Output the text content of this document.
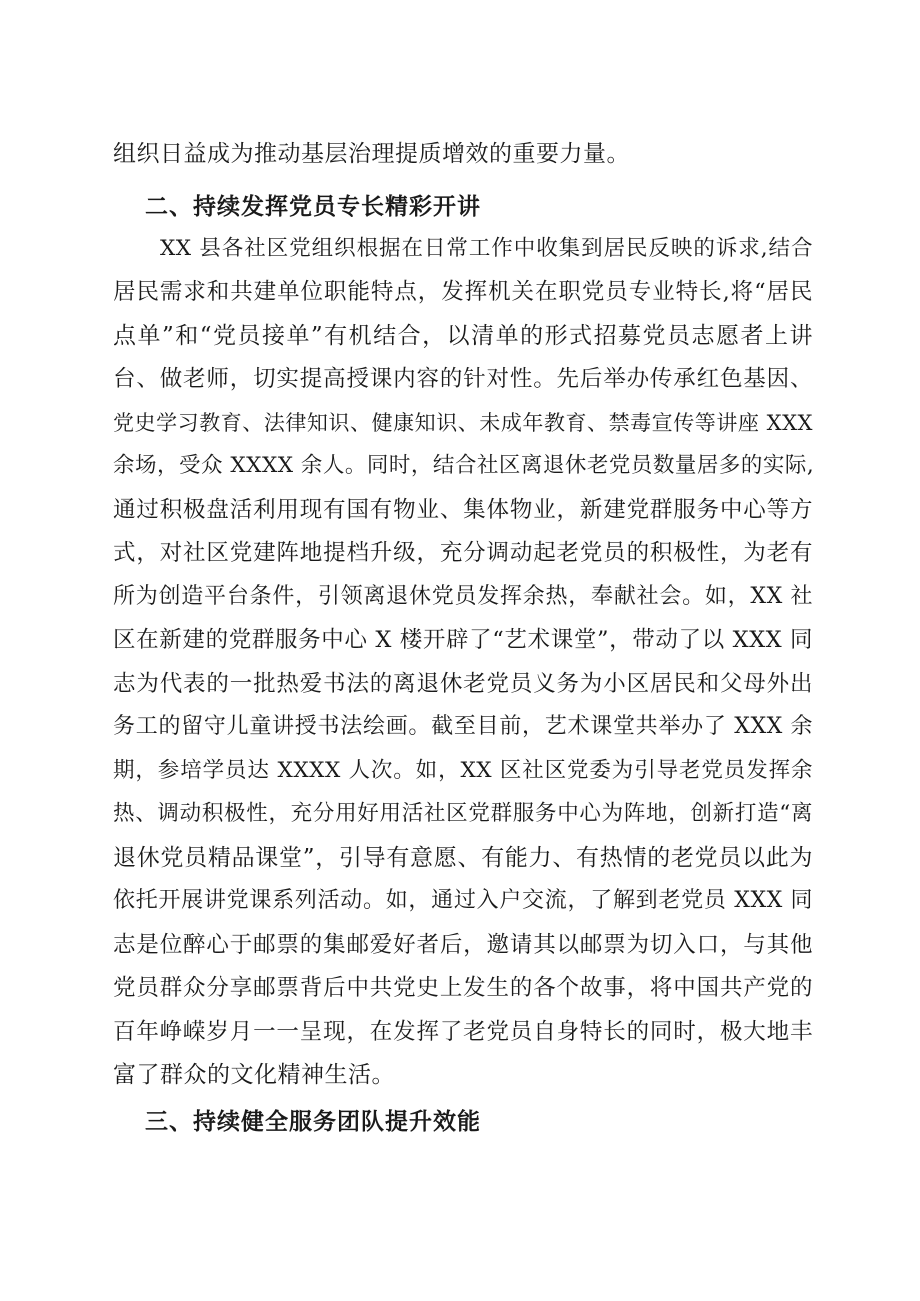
组织日益成为推动基层治理提质增效的重要力量。
二、持续发挥党员专长精彩开讲
XX 县各社区党组织根据在日常工作中收集到居民反映的诉求,结合
居民需求和共建单位职能特点，发挥机关在职党员专业特长,将“居民
点单”和“党员接单”有机结合，以清单的形式招募党员志愿者上讲
台、做老师，切实提高授课内容的针对性。先后举办传承红色基因、
党史学习教育、法律知识、健康知识、未成年教育、禁毒宣传等讲座 XXX
余场，受众 XXXX 余人。同时，结合社区离退休老党员数量居多的实际,
通过积极盘活利用现有国有物业、集体物业，新建党群服务中心等方
式，对社区党建阵地提档升级，充分调动起老党员的积极性，为老有
所为创造平台条件，引领离退休党员发挥余热，奉献社会。如，XX 社
区在新建的党群服务中心 X 楼开辟了“艺术课堂”，带动了以 XXX 同
志为代表的一批热爱书法的离退休老党员义务为小区居民和父母外出
务工的留守儿童讲授书法绘画。截至目前，艺术课堂共举办了 XXX 余
期，参培学员达 XXXX 人次。如，XX 区社区党委为引导老党员发挥余
热、调动积极性，充分用好用活社区党群服务中心为阵地，创新打造“离
退休党员精品课堂”，引导有意愿、有能力、有热情的老党员以此为
依托开展讲党课系列活动。如，通过入户交流，了解到老党员 XXX 同
志是位醉心于邮票的集邮爱好者后，邀请其以邮票为切入口，与其他
党员群众分享邮票背后中共党史上发生的各个故事，将中国共产党的
百年峥嵘岁月一一呈现，在发挥了老党员自身特长的同时，极大地丰
富了群众的文化精神生活。
三、持续健全服务团队提升效能
